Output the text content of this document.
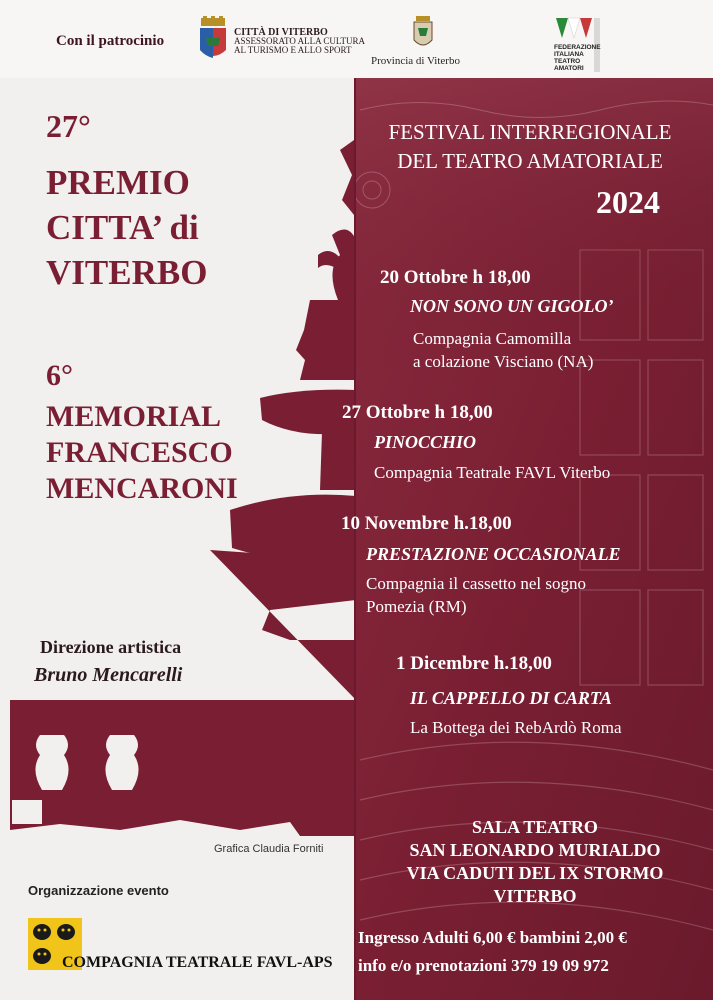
Con il patrocinio
CITTÀ DI VITERBO
ASSESSORATO ALLA CULTURA
AL TURISMO E ALLO SPORT
Provincia di Viterbo
FEDERAZIONE
ITALIANA
TEATRO
AMATORI
27°
PREMIO
CITTA’ di
VITERBO
6°
MEMORIAL
FRANCESCO
MENCARONI
Direzione artistica
Bruno Mencarelli
Grafica Claudia Forniti
Organizzazione evento
COMPAGNIA TEATRALE FAVL-APS
FESTIVAL INTERREGIONALE
DEL TEATRO AMATORIALE
2024
20 Ottobre h 18,00
NON SONO UN GIGOLO’
Compagnia Camomilla
a colazione Visciano (NA)
27 Ottobre h 18,00
PINOCCHIO
Compagnia Teatrale FAVL Viterbo
10 Novembre h.18,00
PRESTAZIONE OCCASIONALE
Compagnia il cassetto nel sogno
Pomezia (RM)
1 Dicembre h.18,00
IL CAPPELLO DI CARTA
La Bottega dei RebArdò Roma
SALA TEATRO
SAN LEONARDO MURIALDO
VIA CADUTI DEL IX STORMO
VITERBO
Ingresso Adulti 6,00 € bambini 2,00 €
info e/o prenotazioni 379 19 09 972
